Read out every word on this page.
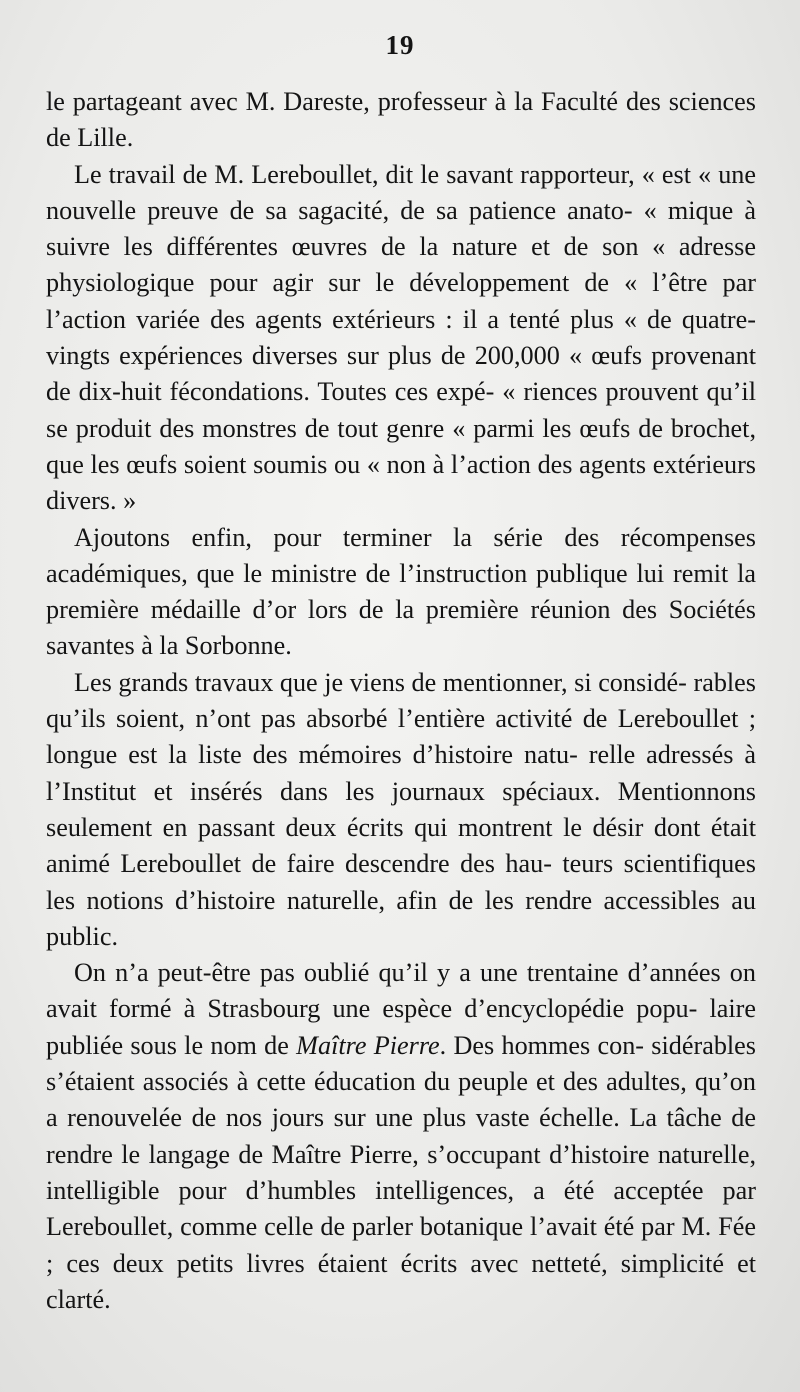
19

le partageant avec M. Dareste, professeur à la Faculté des sciences de Lille.

Le travail de M. Lereboullet, dit le savant rapporteur, « est « une nouvelle preuve de sa sagacité, de sa patience anato- « mique à suivre les différentes œuvres de la nature et de son « adresse physiologique pour agir sur le développement de « l’être par l’action variée des agents extérieurs : il a tenté plus « de quatre-vingts expériences diverses sur plus de 200,000 « œufs provenant de dix-huit fécondations. Toutes ces expé- « riences prouvent qu’il se produit des monstres de tout genre « parmi les œufs de brochet, que les œufs soient soumis ou « non à l’action des agents extérieurs divers. »

Ajoutons enfin, pour terminer la série des récompenses académiques, que le ministre de l’instruction publique lui remit la première médaille d’or lors de la première réunion des Sociétés savantes à la Sorbonne.

Les grands travaux que je viens de mentionner, si considé- rables qu’ils soient, n’ont pas absorbé l’entière activité de Lereboullet ; longue est la liste des mémoires d’histoire natu- relle adressés à l’Institut et insérés dans les journaux spéciaux. Mentionnons seulement en passant deux écrits qui montrent le désir dont était animé Lereboullet de faire descendre des hau- teurs scientifiques les notions d’histoire naturelle, afin de les rendre accessibles au public.

On n’a peut-être pas oublié qu’il y a une trentaine d’années on avait formé à Strasbourg une espèce d’encyclopédie popu- laire publiée sous le nom de Maître Pierre. Des hommes con- sidérables s’étaient associés à cette éducation du peuple et des adultes, qu’on a renouvelée de nos jours sur une plus vaste échelle. La tâche de rendre le langage de Maître Pierre, s’occupant d’histoire naturelle, intelligible pour d’humbles intelligences, a été acceptée par Lereboullet, comme celle de parler botanique l’avait été par M. Fée ; ces deux petits livres étaient écrits avec netteté, simplicité et clarté.
